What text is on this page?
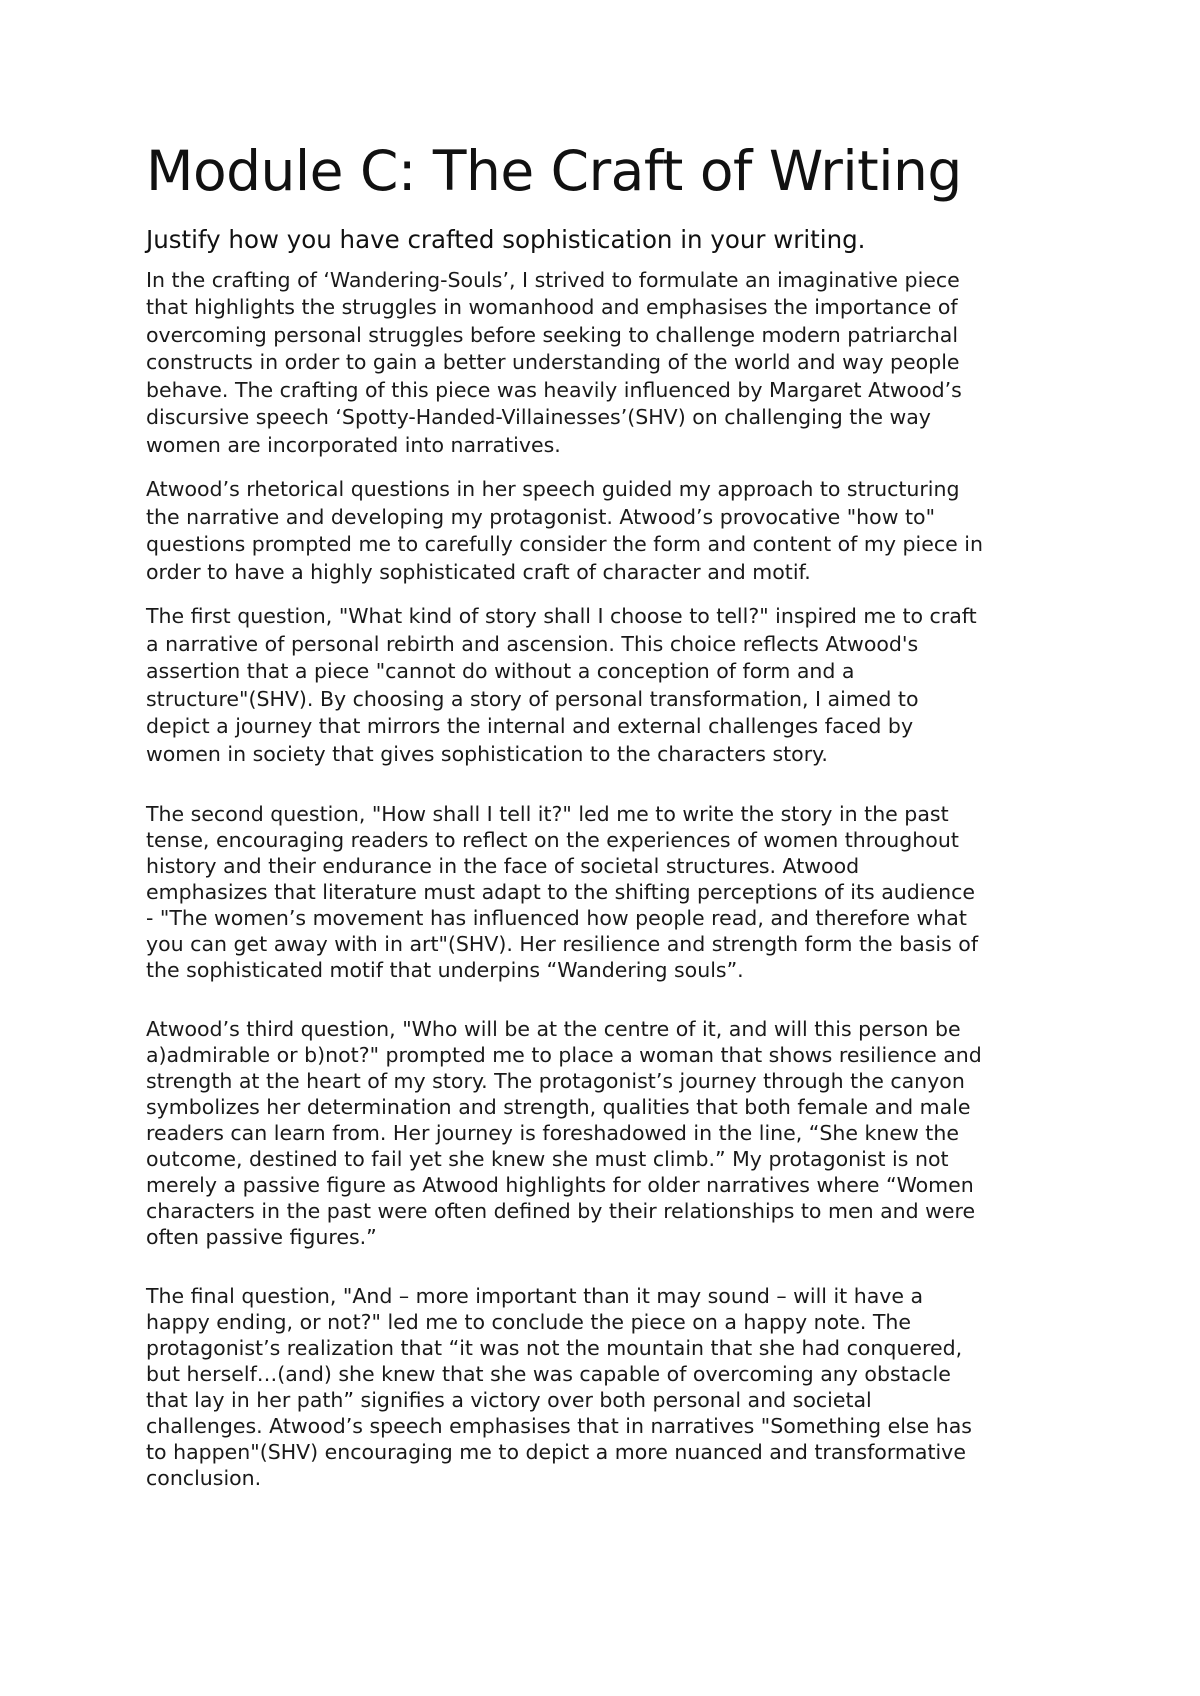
Module C: The Craft of Writing
Justify how you have crafted sophistication in your writing.

In the crafting of ‘Wandering-Souls’, I strived to formulate an imaginative piece
that highlights the struggles in womanhood and emphasises the importance of
overcoming personal struggles before seeking to challenge modern patriarchal
constructs in order to gain a better understanding of the world and way people
behave. The crafting of this piece was heavily influenced by Margaret Atwood’s
discursive speech ‘Spotty-Handed-Villainesses’(SHV) on challenging the way
women are incorporated into narratives.

Atwood’s rhetorical questions in her speech guided my approach to structuring
the narrative and developing my protagonist. Atwood’s provocative "how to"
questions prompted me to carefully consider the form and content of my piece in
order to have a highly sophisticated craft of character and motif.

The first question, "What kind of story shall I choose to tell?" inspired me to craft
a narrative of personal rebirth and ascension. This choice reflects Atwood's
assertion that a piece "cannot do without a conception of form and a
structure"(SHV). By choosing a story of personal transformation, I aimed to
depict a journey that mirrors the internal and external challenges faced by
women in society that gives sophistication to the characters story.

The second question, "How shall I tell it?" led me to write the story in the past
tense, encouraging readers to reflect on the experiences of women throughout
history and their endurance in the face of societal structures. Atwood
emphasizes that literature must adapt to the shifting perceptions of its audience
- "The women’s movement has influenced how people read, and therefore what
you can get away with in art"(SHV). Her resilience and strength form the basis of
the sophisticated motif that underpins “Wandering souls”.

Atwood’s third question, "Who will be at the centre of it, and will this person be
a)admirable or b)not?" prompted me to place a woman that shows resilience and
strength at the heart of my story. The protagonist’s journey through the canyon
symbolizes her determination and strength, qualities that both female and male
readers can learn from. Her journey is foreshadowed in the line, “She knew the
outcome, destined to fail yet she knew she must climb.” My protagonist is not
merely a passive figure as Atwood highlights for older narratives where “Women
characters in the past were often defined by their relationships to men and were
often passive figures.”

The final question, "And – more important than it may sound – will it have a
happy ending, or not?" led me to conclude the piece on a happy note. The
protagonist’s realization that “it was not the mountain that she had conquered,
but herself…(and) she knew that she was capable of overcoming any obstacle
that lay in her path” signifies a victory over both personal and societal
challenges. Atwood’s speech emphasises that in narratives "Something else has
to happen"(SHV) encouraging me to depict a more nuanced and transformative
conclusion.
